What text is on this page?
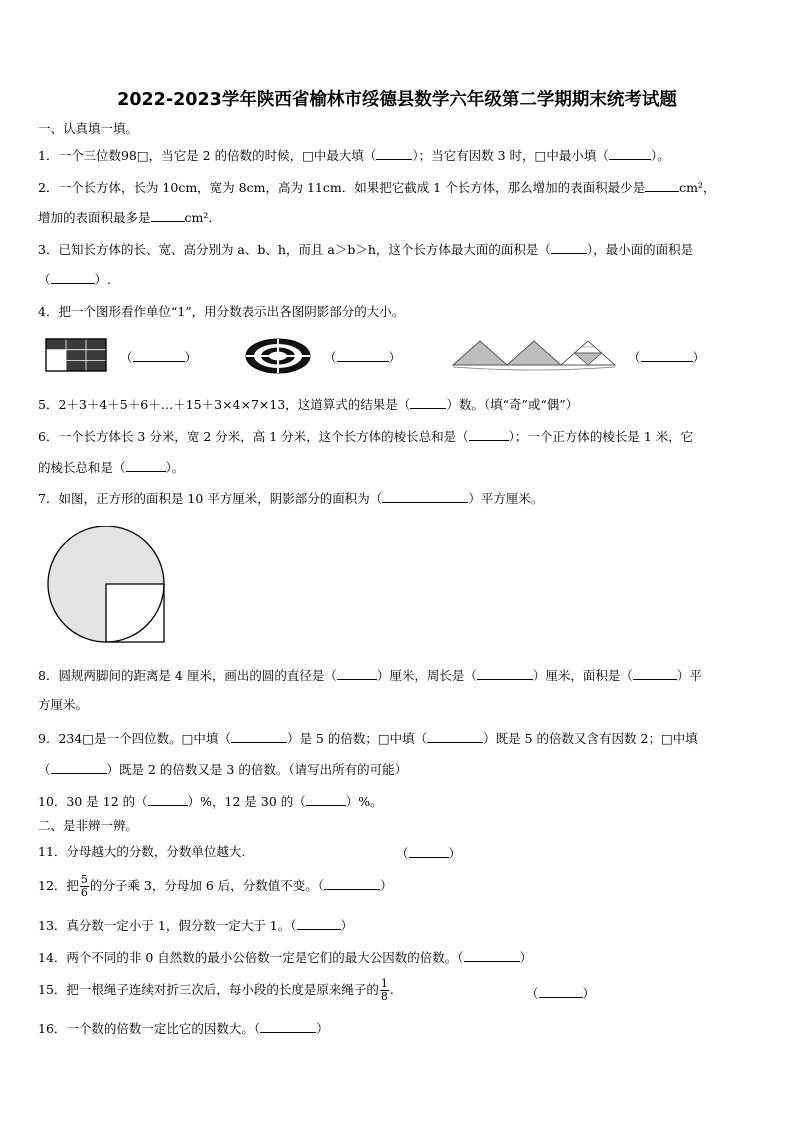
2022-2023学年陕西省榆林市绥德县数学六年级第二学期期末统考试题
一、认真填一填。
1．一个三位数98□，当它是 2 的倍数的时候，□中最大填（	）；当它有因数 3 时，□中最小填（	）。
2．一个长方体，长为 10cm，宽为 8cm，高为 11cm．如果把它截成 1 个长方体，那么增加的表面积最少是	cm²，
增加的表面积最多是	cm²．
3．已知长方体的长、宽、高分别为 a、b、h，而且 a＞b＞h，这个长方体最大面的面积是（	），最小面的面积是
（	）.
4．把一个图形看作单位“1”，用分数表示出各图阴影部分的大小。
（	）	（	）	（	）
5．2＋3＋4＋5＋6＋…＋15＋3×4×7×13，这道算式的结果是（	）数。（填“奇”或“偶”）
6．一个长方体长 3 分米，宽 2 分米，高 1 分米，这个长方体的棱长总和是（	）；一个正方体的棱长是 1 米，它
的棱长总和是（	）。
7．如图，正方形的面积是 10 平方厘米，阴影部分的面积为（	）平方厘米。
8．圆规两脚间的距离是 4 厘米，画出的圆的直径是（	）厘米，周长是（	）厘米，面积是（	）平
方厘米。
9．234□是一个四位数。□中填（	）是 5 的倍数；□中填（	）既是 5 的倍数又含有因数 2；□中填
（	）既是 2 的倍数又是 3 的倍数。（请写出所有的可能）
10．30 是 12 的（	）%，12 是 30 的（	）%。
二、是非辨一辨。
11．分母越大的分数，分数单位越大.	（	）
12．把 $\frac{5}{6}$ 的分子乘 3，分母加 6 后，分数值不变。（	）
13．真分数一定小于 1，假分数一定大于 1。（	）
14．两个不同的非 0 自然数的最小公倍数一定是它们的最大公因数的倍数。（	）
15．把一根绳子连续对折三次后，每小段的长度是原来绳子的 $\frac{1}{8}$ .	（	）
16．一个数的倍数一定比它的因数大。（	）
